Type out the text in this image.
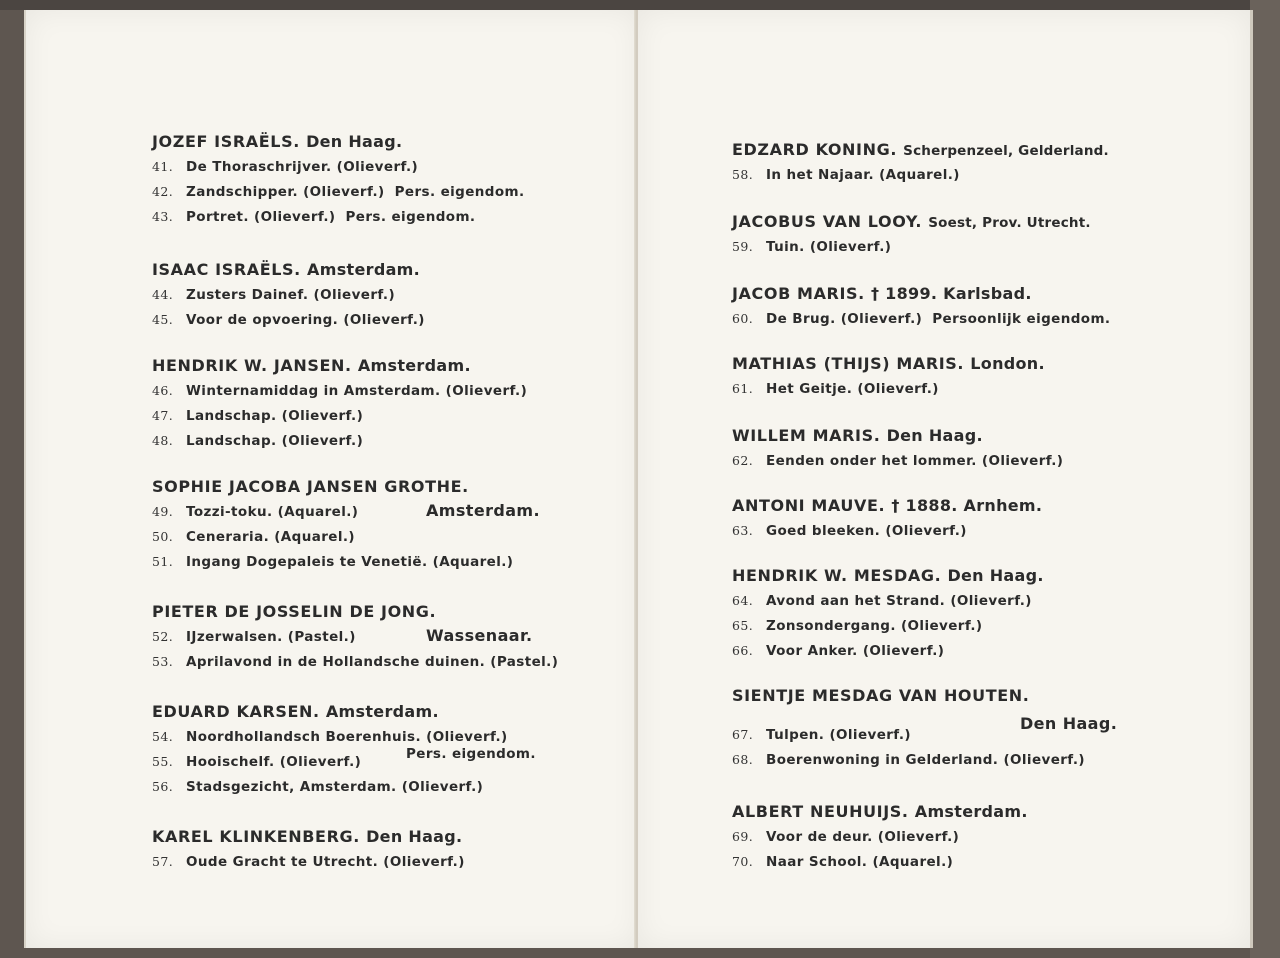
JOZEF ISRAËLS. Den Haag.
41. De Thoraschrijver. (Olieverf.)
42. Zandschipper. (Olieverf.) Pers. eigendom.
43. Portret. (Olieverf.) Pers. eigendom.
ISAAC ISRAËLS. Amsterdam.
44. Zusters Dainef. (Olieverf.)
45. Voor de opvoering. (Olieverf.)
HENDRIK W. JANSEN. Amsterdam.
46. Winternamiddag in Amsterdam. (Olieverf.)
47. Landschap. (Olieverf.)
48. Landschap. (Olieverf.)
SOPHIE JACOBA JANSEN GROTHE.
Amsterdam.
49. Tozzi-toku. (Aquarel.)
50. Ceneraria. (Aquarel.)
51. Ingang Dogepaleis te Venetië. (Aquarel.)
PIETER DE JOSSELIN DE JONG.
Wassenaar.
52. IJzerwalsen. (Pastel.)
53. Aprilavond in de Hollandsche duinen. (Pastel.)
EDUARD KARSEN. Amsterdam.
Pers. eigendom.
54. Noordhollandsch Boerenhuis. (Olieverf.)
55. Hooischelf. (Olieverf.)
56. Stadsgezicht, Amsterdam. (Olieverf.)
KAREL KLINKENBERG. Den Haag.
57. Oude Gracht te Utrecht. (Olieverf.)
EDZARD KONING. Scherpenzeel, Gelderland.
58. In het Najaar. (Aquarel.)
JACOBUS VAN LOOY. Soest, Prov. Utrecht.
59. Tuin. (Olieverf.)
JACOB MARIS. † 1899. Karlsbad.
60. De Brug. (Olieverf.) Persoonlijk eigendom.
MATHIAS (THIJS) MARIS. London.
61. Het Geitje. (Olieverf.)
WILLEM MARIS. Den Haag.
62. Eenden onder het lommer. (Olieverf.)
ANTONI MAUVE. † 1888. Arnhem.
63. Goed bleeken. (Olieverf.)
HENDRIK W. MESDAG. Den Haag.
64. Avond aan het Strand. (Olieverf.)
65. Zonsondergang. (Olieverf.)
66. Voor Anker. (Olieverf.)
SIENTJE MESDAG VAN HOUTEN.
Den Haag.
67. Tulpen. (Olieverf.)
68. Boerenwoning in Gelderland. (Olieverf.)
ALBERT NEUHUIJS. Amsterdam.
69. Voor de deur. (Olieverf.)
70. Naar School. (Aquarel.)
